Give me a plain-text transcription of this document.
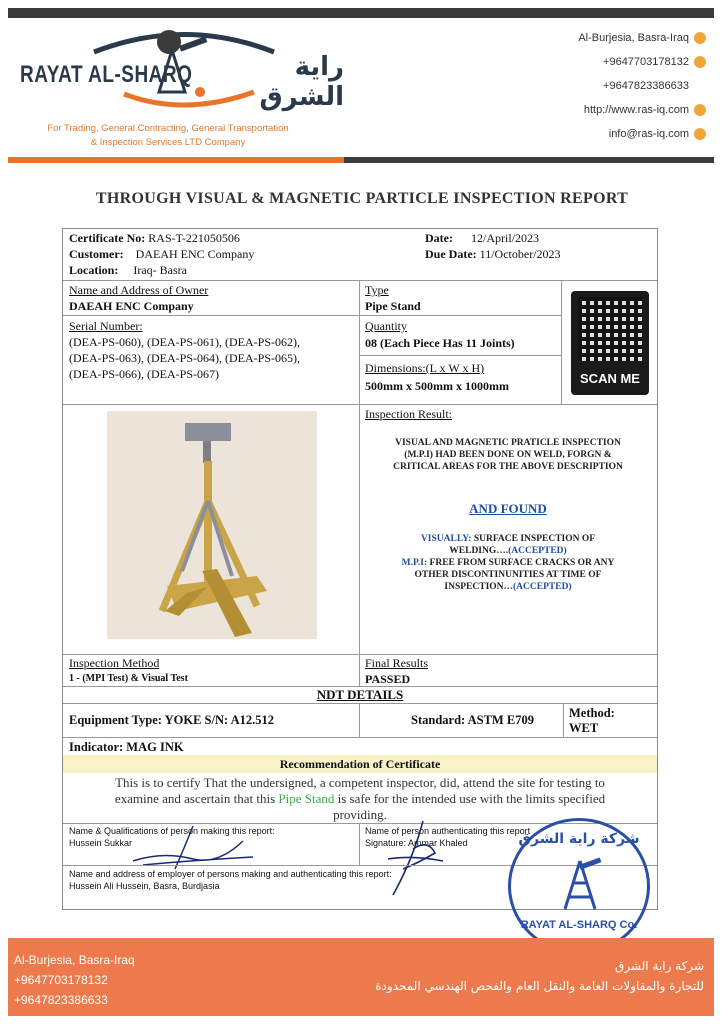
RAYAT AL-SHARQ	راية الشرق
For Trading, General Contracting, General Transportation
& Inspection Services LTD Company
Al-Burjesia, Basra-Iraq
+9647703178132
+9647823386633
http://www.ras-iq.com
info@ras-iq.com
THROUGH VISUAL & MAGNETIC PARTICLE INSPECTION REPORT
Certificate No: RAS-T-221050506
Customer: DAEAH ENC Company
Location: Iraq- Basra
Date: 12/April/2023
Due Date: 11/October/2023
Name and Address of Owner
DAEAH ENC Company
Serial Number:
(DEA-PS-060), (DEA-PS-061), (DEA-PS-062),
(DEA-PS-063), (DEA-PS-064), (DEA-PS-065),
(DEA-PS-066), (DEA-PS-067)
Type
Pipe Stand
Quantity
08 (Each Piece Has 11 Joints)
Dimensions:(L x W x H)
500mm x 500mm x 1000mm	SCAN ME
Inspection Result:
VISUAL AND MAGNETIC PRATICLE INSPECTION
(M.P.I) HAD BEEN DONE ON WELD, FORGN &
CRITICAL AREAS FOR THE ABOVE DESCRIPTION
AND FOUND
VISUALLY: SURFACE INSPECTION OF
WELDING….(ACCEPTED)
M.P.I: FREE FROM SURFACE CRACKS OR ANY
OTHER DISCONTINUNITIES AT TIME OF
INSPECTION…(ACCEPTED)
Inspection Method
1 - (MPI Test) & Visual Test
Final Results
PASSED
NDT DETAILS
Equipment Type: YOKE S/N: A12.512	Standard: ASTM E709	Method:
WET
Indicator: MAG INK
Recommendation of Certificate
This is to certify That the undersigned, a competent inspector, did, attend the site for testing to
examine and ascertain that this Pipe Stand is safe for the intended use with the limits specified
providing.
Name & Qualifications of person making this report:
Hussein Sukkar
Name of person authenticating this report
Signature: Ammar Khaled
Name and address of employer of persons making and authenticating this report:
Hussein Ali Hussein, Basra, Burdjasia
شركة راية الشرق
RAYAT AL-SHARQ Co.
Al-Burjesia, Basra-Iraq
+9647703178132
+9647823386633
شركة راية الشرق
للتجارة والمقاولات العامة والنقل العام والفحص الهندسي المحدودة
